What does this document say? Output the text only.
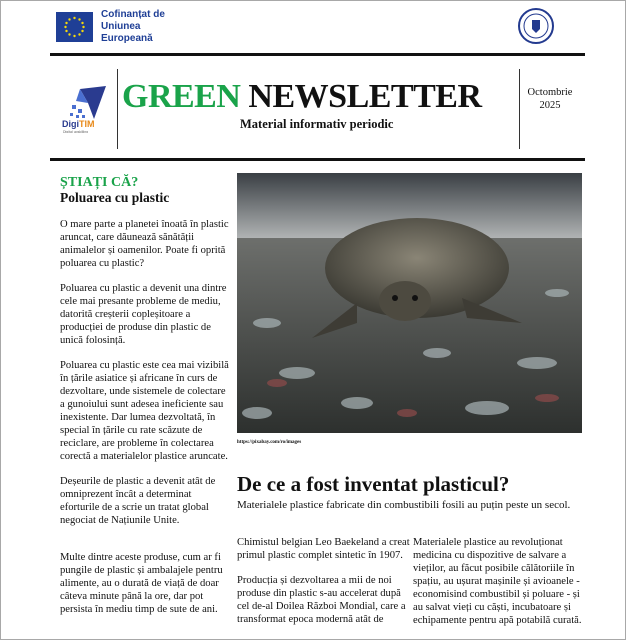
Cofinanțat de
Uniunea Europeană
DigiTIM
Digital upskilling
GREEN NEWSLETTER
Material informativ periodic
Octombrie
2025
ȘTIAȚI CĂ?
Poluarea cu plastic

O mare parte a planetei înoată în plastic aruncat, care dăunează sănătății animalelor și oamenilor. Poate fi oprită poluarea cu plastic?

Poluarea cu plastic a devenit una dintre cele mai presante probleme de mediu, datorită creșterii copleșitoare a producției de produse din plastic de unică folosință.

Poluarea cu plastic este cea mai vizibilă în țările asiatice și africane în curs de dezvoltare, unde sistemele de colectare a gunoiului sunt adesea ineficiente sau inexistente. Dar lumea dezvoltată, în special în țările cu rate scăzute de reciclare, are probleme în colectarea corectă a materialelor plastice aruncate.

Deșeurile de plastic a devenit atât de omniprezent încât a determinat eforturile de a scrie un tratat global negociat de Națiunile Unite.

Multe dintre aceste produse, cum ar fi pungile de plastic și ambalajele pentru alimente, au o durată de viață de doar câteva minute până la ore, dar pot persista în mediu timp de sute de ani.

https://pixabay.com/ro/images
De ce a fost inventat plasticul?
Materialele plastice fabricate din combustibili fosili au puțin peste un secol.

Chimistul belgian Leo Baekeland a creat primul plastic complet sintetic în 1907.

Producția și dezvoltarea a mii de noi produse din plastic s-au accelerat după cel de-al Doilea Război Mondial, care a transformat epoca modernă atât de

Materialele plastice au revoluționat medicina cu dispozitive de salvare a vieților, au făcut posibile călătoriile în spațiu, au ușurat mașinile și avioanele - economisind combustibil și poluare - și au salvat vieți cu căști, incubatoare și echipamente pentru apă potabilă curată.
